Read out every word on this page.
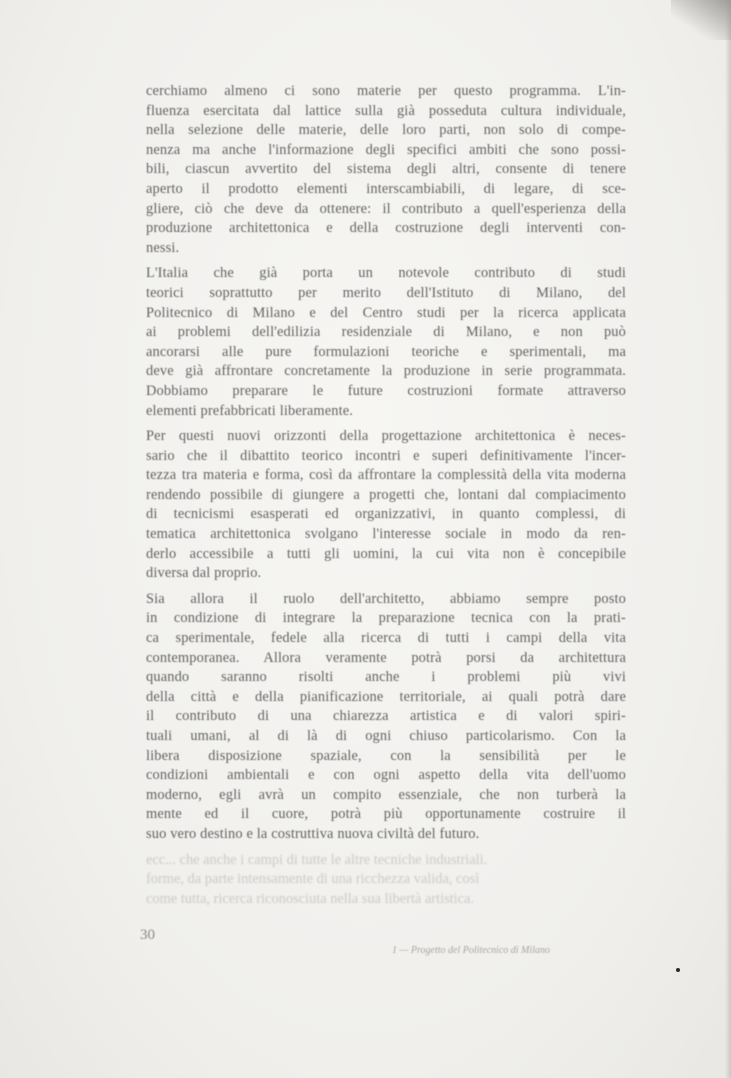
cerchiamo almeno ci sono materie per questo programma. L'in-
fluenza esercitata dal lattice sulla già posseduta cultura individuale,
nella selezione delle materie, delle loro parti, non solo di compe-
nenza ma anche l'informazione degli specifici ambiti che sono possi-
bili, ciascun avvertito del sistema degli altri, consente di tenere
aperto il prodotto elementi interscambiabili, di legare, di sce-
gliere, ciò che deve da ottenere: il contributo a quell'esperienza della
produzione architettonica e della costruzione degli interventi con-
nessi.
L'Italia che già porta un notevole contributo di studi
teorici soprattutto per merito dell'Istituto di Milano, del
Politecnico di Milano e del Centro studi per la ricerca applicata
ai problemi dell'edilizia residenziale di Milano, e non può
ancorarsi alle pure formulazioni teoriche e sperimentali, ma
deve già affrontare concretamente la produzione in serie programmata.
Dobbiamo preparare le future costruzioni formate attraverso
elementi prefabbricati liberamente.
Per questi nuovi orizzonti della progettazione architettonica è neces-
sario che il dibattito teorico incontri e superi definitivamente l'incer-
tezza tra materia e forma, così da affrontare la complessità della vita moderna
rendendo possibile di giungere a progetti che, lontani dal compiacimento
di tecnicismi esasperati ed organizzativi, in quanto complessi, di
tematica architettonica svolgano l'interesse sociale in modo da ren-
derlo accessibile a tutti gli uomini, la cui vita non è concepibile
diversa dal proprio.
Sia allora il ruolo dell'architetto, abbiamo sempre posto
in condizione di integrare la preparazione tecnica con la prati-
ca sperimentale, fedele alla ricerca di tutti i campi della vita
contemporanea. Allora veramente potrà porsi da architettura
quando saranno risolti anche i problemi più vivi
della città e della pianificazione territoriale, ai quali potrà dare
il contributo di una chiarezza artistica e di valori spiri-
tuali umani, al di là di ogni chiuso particolarismo. Con la
libera disposizione spaziale, con la sensibilità per le
condizioni ambientali e con ogni aspetto della vita dell'uomo
moderno, egli avrà un compito essenziale, che non turberà la
mente ed il cuore, potrà più opportunamente costruire il
suo vero destino e la costruttiva nuova civiltà del futuro.
ecc... che anche i campi di tutte le altre tecniche industriali.
forme, da parte intensamente di una ricchezza valida, così
come tutta, ricerca riconosciuta nella sua libertà artistica.
30
1 — Progetto del Politecnico di Milano
